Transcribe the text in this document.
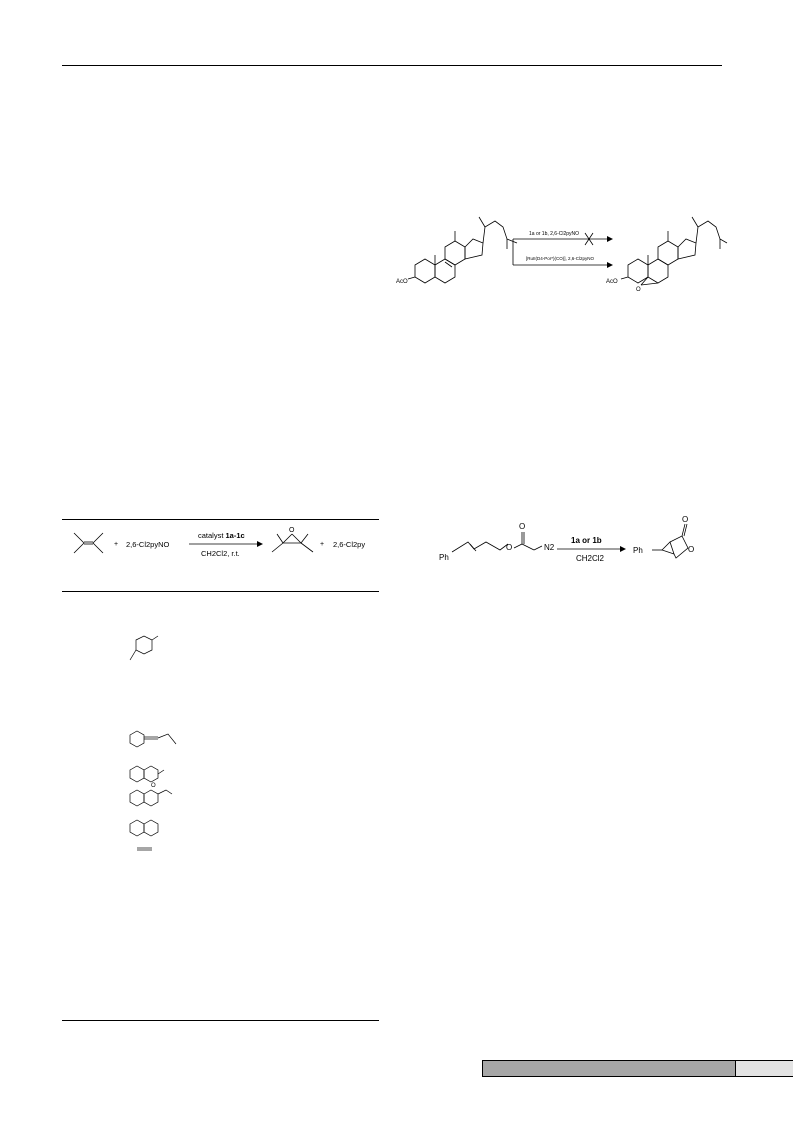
1a or 1b, 2,6-Cl2pyNO
[RuII(D4-Por*)(CO)], 2,6-Cl2pyNO
AcO	AcO
O
+ 2,6-Cl2pyNO
catalyst 1a-1c
CH2Cl2, r.t.
O
+ 2,6-Cl2py
O
Ph
O
O
N2
1a or 1b
CH2Cl2
Ph
O
O
